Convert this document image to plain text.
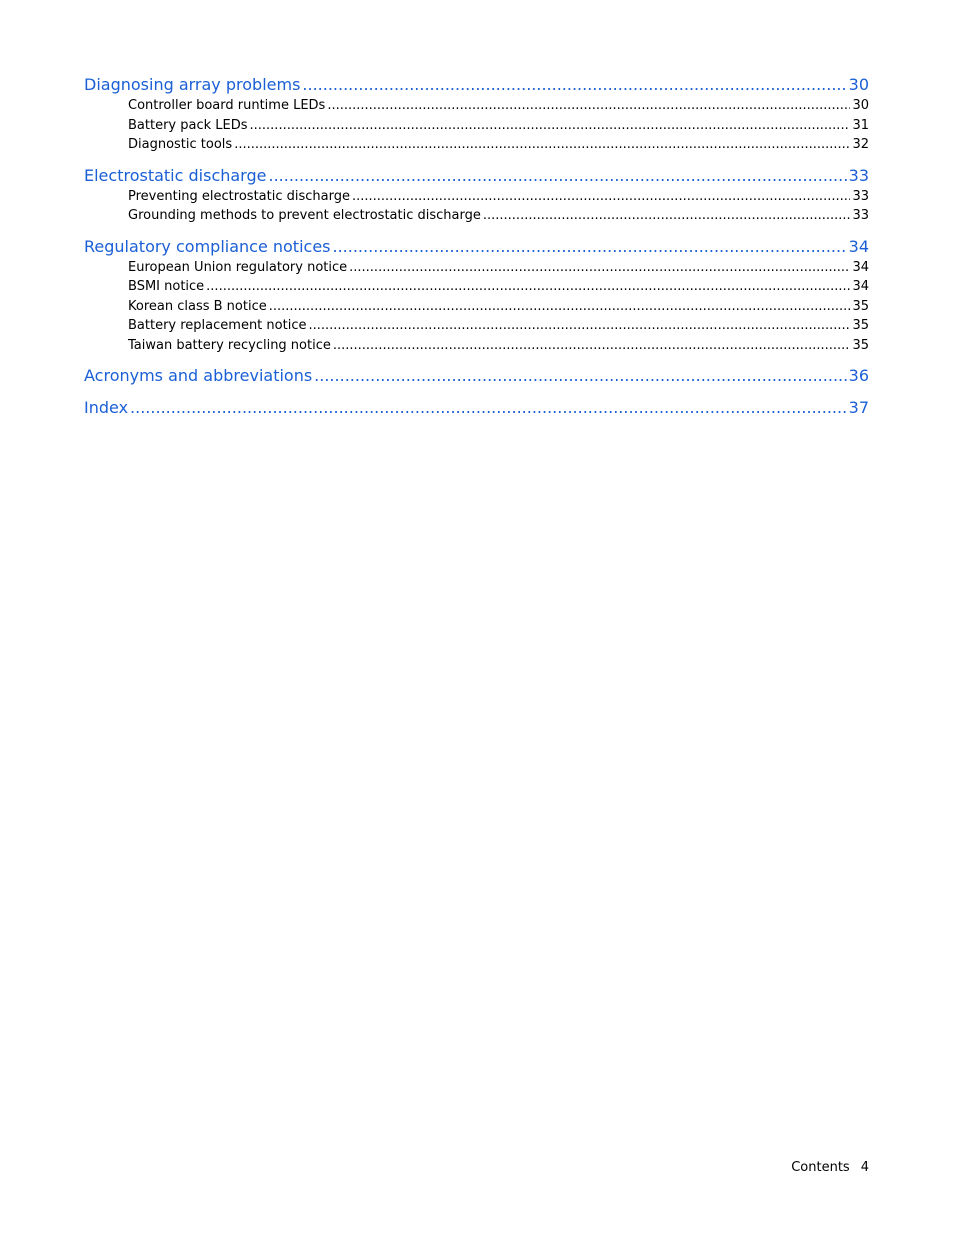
Diagnosing array problems .....	30
Controller board runtime LEDs .....	30
Battery pack LEDs .....	31
Diagnostic tools .....	32
Electrostatic discharge .....	33
Preventing electrostatic discharge .....	33
Grounding methods to prevent electrostatic discharge .....	33
Regulatory compliance notices .....	34
European Union regulatory notice .....	34
BSMI notice .....	34
Korean class B notice .....	35
Battery replacement notice .....	35
Taiwan battery recycling notice .....	35
Acronyms and abbreviations .....	36
Index .....	37
Contents 4
